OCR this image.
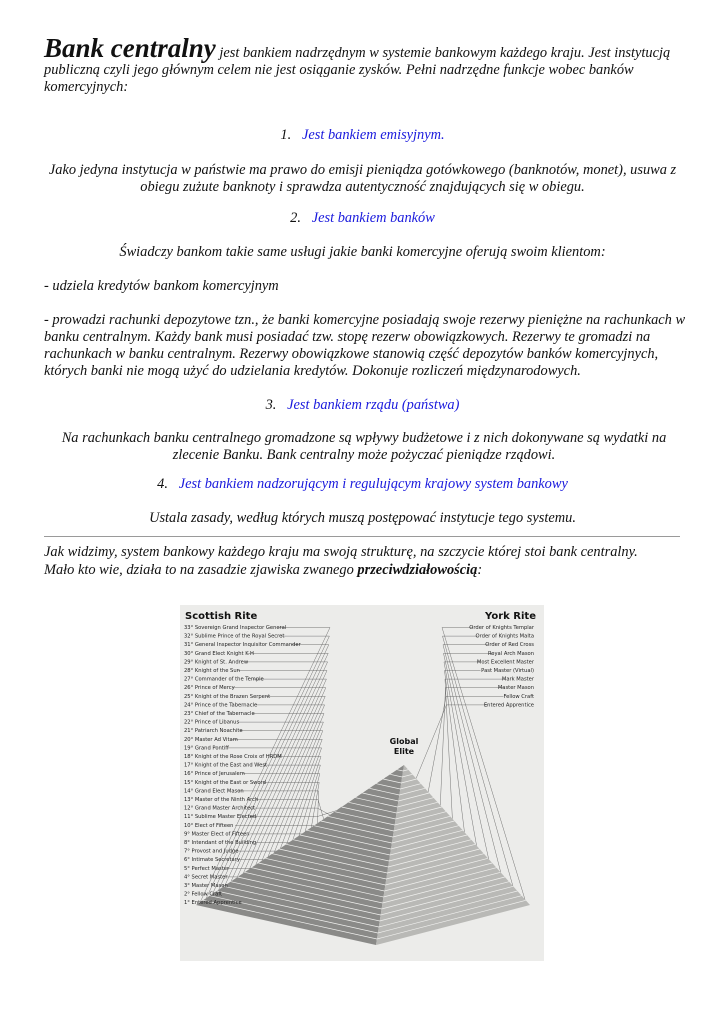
Bank centralny jest bankiem nadrzędnym w systemie bankowym każdego kraju. Jest instytucją publiczną czyli jego głównym celem nie jest osiąganie zysków. Pełni nadrzędne funkcje wobec banków komercyjnych:

1. Jest bankiem emisyjnym.

Jako jedyna instytucja w państwie ma prawo do emisji pieniądza gotówkowego (banknotów, monet), usuwa z obiegu zużute banknoty i sprawdza autentyczność znajdujących się w obiegu.

2. Jest bankiem banków

Świadczy bankom takie same usługi jakie banki komercyjne oferują swoim klientom:

- udziela kredytów bankom komercyjnym

- prowadzi rachunki depozytowe tzn., że banki komercyjne posiadają swoje rezerwy pieniężne na rachunkach w banku centralnym. Każdy bank musi posiadać tzw. stopę rezerw obowiązkowych. Rezerwy te gromadzi na rachunkach w banku centralnym. Rezerwy obowiązkowe stanowią część depozytów banków komercyjnych, których banki nie mogą użyć do udzielania kredytów. Dokonuje rozliczeń międzynarodowych.

3. Jest bankiem rządu (państwa)

Na rachunkach banku centralnego gromadzone są wpływy budżetowe i z nich dokonywane są wydatki na zlecenie Banku. Bank centralny może pożyczać pieniądze rządowi.

4. Jest bankiem nadzorującym i regulującym krajowy system bankowy

Ustala zasady, według których muszą postępować instytucje tego systemu.

Jak widzimy, system bankowy każdego kraju ma swoją strukturę, na szczycie której stoi bank centralny. Mało kto wie, działa to na zasadzie zjawiska zwanego przeciwdziałowością:

Scottish Rite	York Rite
Global
Elite
33° Sovereign Grand Inspector General
32° Sublime Prince of the Royal Secret
31° General Inspector Inquisitor Commander
30° Grand Elect Knight K-H
29° Knight of St. Andrew
28° Knight of the Sun
27° Commander of the Temple
26° Prince of Mercy
25° Knight of the Brazen Serpent
24° Prince of the Tabernacle
23° Chief of the Tabernacle
22° Prince of Libanus
21° Patriarch Noachite
20° Master Ad Vitam
19° Grand Pontiff
18° Knight of the Rose Croix of HRDM
17° Knight of the East and West
16° Prince of Jerusalem
15° Knight of the East or Sword
14° Grand Elect Mason
13° Master of the Ninth Arch
12° Grand Master Architect
11° Sublime Master Elected
10° Elect of Fifteen
9° Master Elect of Fifteen
8° Intendant of the Building
7° Provost and Judge
6° Intimate Secretary
5° Perfect Master
4° Secret Master
3° Master Mason
2° Fellow Craft
1° Entered Apprentice
Order of Knights Templar
Order of Knights Malta
Order of Red Cross
Royal Arch Mason
Most Excellent Master
Past Master (Virtual)
Mark Master
Master Mason
Fellow Craft
Entered Apprentice
